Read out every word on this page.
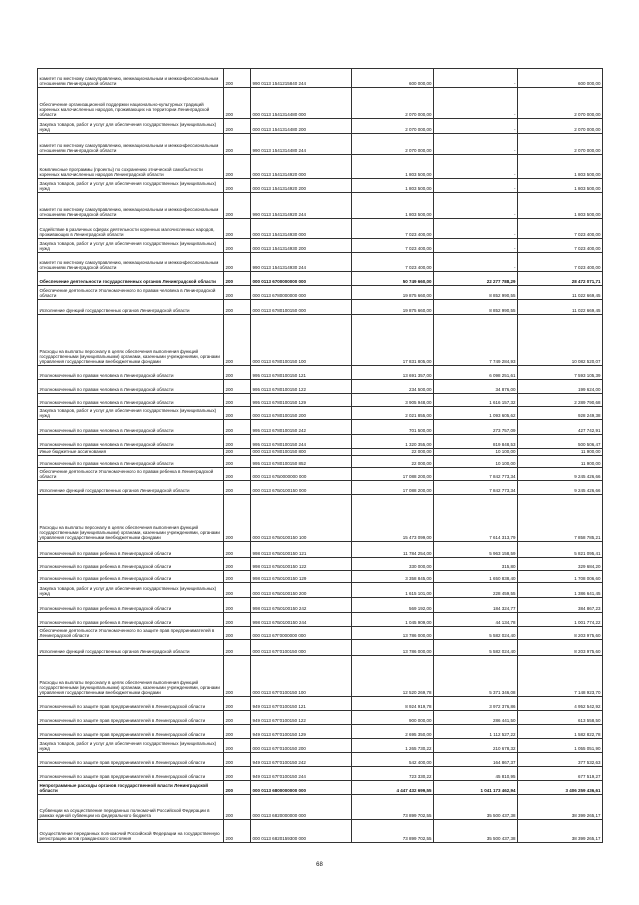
комитет по местному самоуправлению, межнациональным и межконфессиональным отношениям Ленинградской области	200	990 0113 1541215840 244	600 000,00	-	600 000,00
Обеспечение организационной поддержки национально-культурных традиций коренных малочисленных народов, проживающих на территории Ленинградской области	200	000 0113 1541314480 000	2 070 000,00	-	2 070 000,00
Закупка товаров, работ и услуг для обеспечения государственных (муниципальных) нужд	200	000 0113 1541314480 200	2 070 000,00	-	2 070 000,00
комитет по местному самоуправлению, межнациональным и межконфессиональным отношениям Ленинградской области	200	990 0113 1541314480 244	2 070 000,00	-	2 070 000,00
Комплексные программы (проекты) по сохранению этнической самобытности коренных малочисленных народов Ленинградской области	200	000 0113 1541314920 000	1 803 500,00	-	1 803 500,00
Закупка товаров, работ и услуг для обеспечения государственных (муниципальных) нужд	200	000 0113 1541314920 200	1 803 500,00	-	1 803 500,00
комитет по местному самоуправлению, межнациональным и межконфессиональным отношениям Ленинградской области	200	990 0113 1541314920 244	1 803 500,00	-	1 803 500,00
Содействие в различных сферах деятельности коренных малочисленных народов, проживающих в Ленинградской области	200	000 0113 1541314930 000	7 023 400,00	-	7 023 400,00
Закупка товаров, работ и услуг для обеспечения государственных (муниципальных) нужд	200	000 0113 1541314930 200	7 023 400,00	-	7 023 400,00
комитет по местному самоуправлению, межнациональным и межконфессиональным отношениям Ленинградской области	200	990 0113 1541314930 244	7 023 400,00	-	7 023 400,00
Обеспечение деятельности государственных органов Ленинградской области	200	000 0113 6700000000 000	50 749 660,00	22 277 788,29	28 472 071,71
Обеспечение деятельности Уполномоченного по правам человека в Ленинградской области	200	000 0113 6780000000 000	19 875 660,00	8 852 990,55	11 022 669,45
Исполнение функций государственных органов Ленинградской области	200	000 0113 6780100150 000	19 875 660,00	8 852 990,55	11 022 669,45
Расходы на выплаты персоналу в целях обеспечения выполнения функций государственными (муниципальными) органами, казенными учреждениями, органами управления государственными внебюджетными фондами	200	000 0113 6780100150 100	17 831 805,00	7 749 284,93	10 082 520,07
Уполномоченный по правам человека в Ленинградской области	200	995 0113 6780100150 121	13 691 357,00	6 098 251,61	7 593 105,39
Уполномоченный по правам человека в Ленинградской области	200	995 0113 6780100150 122	234 500,00	34 876,00	199 624,00
Уполномоченный по правам человека в Ленинградской области	200	995 0113 6780100150 129	3 905 948,00	1 616 157,32	2 289 790,68
Закупка товаров, работ и услуг для обеспечения государственных (муниципальных) нужд	200	000 0113 6780100150 200	2 021 855,00	1 093 605,62	928 249,38
Уполномоченный по правам человека в Ленинградской области	200	995 0113 6780100150 242	701 500,00	273 757,09	427 742,91
Уполномоченный по правам человека в Ленинградской области	200	995 0113 6780100150 244	1 320 355,00	819 848,53	500 506,47
Иные бюджетные ассигнования	200	000 0113 6780100150 800	22 000,00	10 100,00	11 900,00
Уполномоченный по правам человека в Ленинградской области	200	995 0113 6780100150 852	22 000,00	10 100,00	11 900,00
Обеспечение деятельности Уполномоченного по правам ребенка в Ленинградской области	200	000 0113 67Б0000000 000	17 088 200,00	7 842 773,34	9 245 426,66
Исполнение функций государственных органов Ленинградской области	200	000 0113 67Б0100150 000	17 088 200,00	7 842 773,34	9 245 426,66
Расходы на выплаты персоналу в целях обеспечения выполнения функций государственными (муниципальными) органами, казенными учреждениями, органами управления государственными внебюджетными фондами	200	000 0113 67Б0100150 100	15 473 099,00	7 614 313,79	7 858 785,21
Уполномоченный по правам ребенка в Ленинградской области	200	998 0113 67Б0100150 121	11 784 254,00	5 963 158,59	5 821 095,41
Уполномоченный по правам ребенка в Ленинградской области	200	998 0113 67Б0100150 122	330 000,00	315,80	329 684,20
Уполномоченный по правам ребенка в Ленинградской области	200	998 0113 67Б0100150 129	3 358 845,00	1 650 838,40	1 708 006,60
Закупка товаров, работ и услуг для обеспечения государственных (муниципальных) нужд	200	000 0113 67Б0100150 200	1 615 101,00	228 459,55	1 386 641,45
Уполномоченный по правам ребенка в Ленинградской области	200	998 0113 67Б0100150 242	569 192,00	184 324,77	384 867,23
Уполномоченный по правам ребенка в Ленинградской области	200	998 0113 67Б0100150 244	1 045 909,00	44 134,78	1 001 774,22
Обеспечение деятельности Уполномоченного по защите прав предпринимателей в Ленинградской области	200	000 0113 67Г0000000 000	13 786 000,00	5 582 024,40	8 203 975,60
Исполнение функций государственных органов Ленинградской области	200	000 0113 67Г0100150 000	13 786 000,00	5 582 024,40	8 203 975,60
Расходы на выплаты персоналу в целях обеспечения выполнения функций государственными (муниципальными) органами, казенными учреждениями, органами управления государственными внебюджетными фондами	200	000 0113 67Г0100150 100	12 520 269,78	5 371 346,08	7 148 923,70
Уполномоченный по защите прав предпринимателей в Ленинградской области	200	949 0113 67Г0100150 121	8 924 919,78	3 972 376,86	4 952 542,92
Уполномоченный по защите прав предпринимателей в Ленинградской области	200	949 0113 67Г0100150 122	900 000,00	286 441,50	613 558,50
Уполномоченный по защите прав предпринимателей в Ленинградской области	200	949 0113 67Г0100150 129	2 695 350,00	1 112 527,22	1 582 822,78
Закупка товаров, работ и услуг для обеспечения государственных (муниципальных) нужд	200	000 0113 67Г0100150 200	1 265 730,22	210 678,32	1 055 051,90
Уполномоченный по защите прав предпринимателей в Ленинградской области	200	949 0113 67Г0100150 242	542 400,00	164 867,37	377 532,63
Уполномоченный по защите прав предпринимателей в Ленинградской области	200	949 0113 67Г0100150 244	723 330,22	45 810,95	677 519,27
Непрограммные расходы органов государственной власти Ленинградской области	200	000 0113 6800000000 000	4 447 432 699,55	1 041 173 462,94	3 406 259 436,61
Субвенции на осуществление переданных полномочий Российской Федерации в рамках единой субвенции из федерального бюджета	200	000 0113 6820000000 000	73 899 702,55	35 500 437,38	38 399 265,17
Осуществление переданных полномочий Российской Федерации на государственную регистрацию актов гражданского состояния	200	000 0113 6820159300 000	73 899 702,55	35 500 437,38	38 399 265,17
68
